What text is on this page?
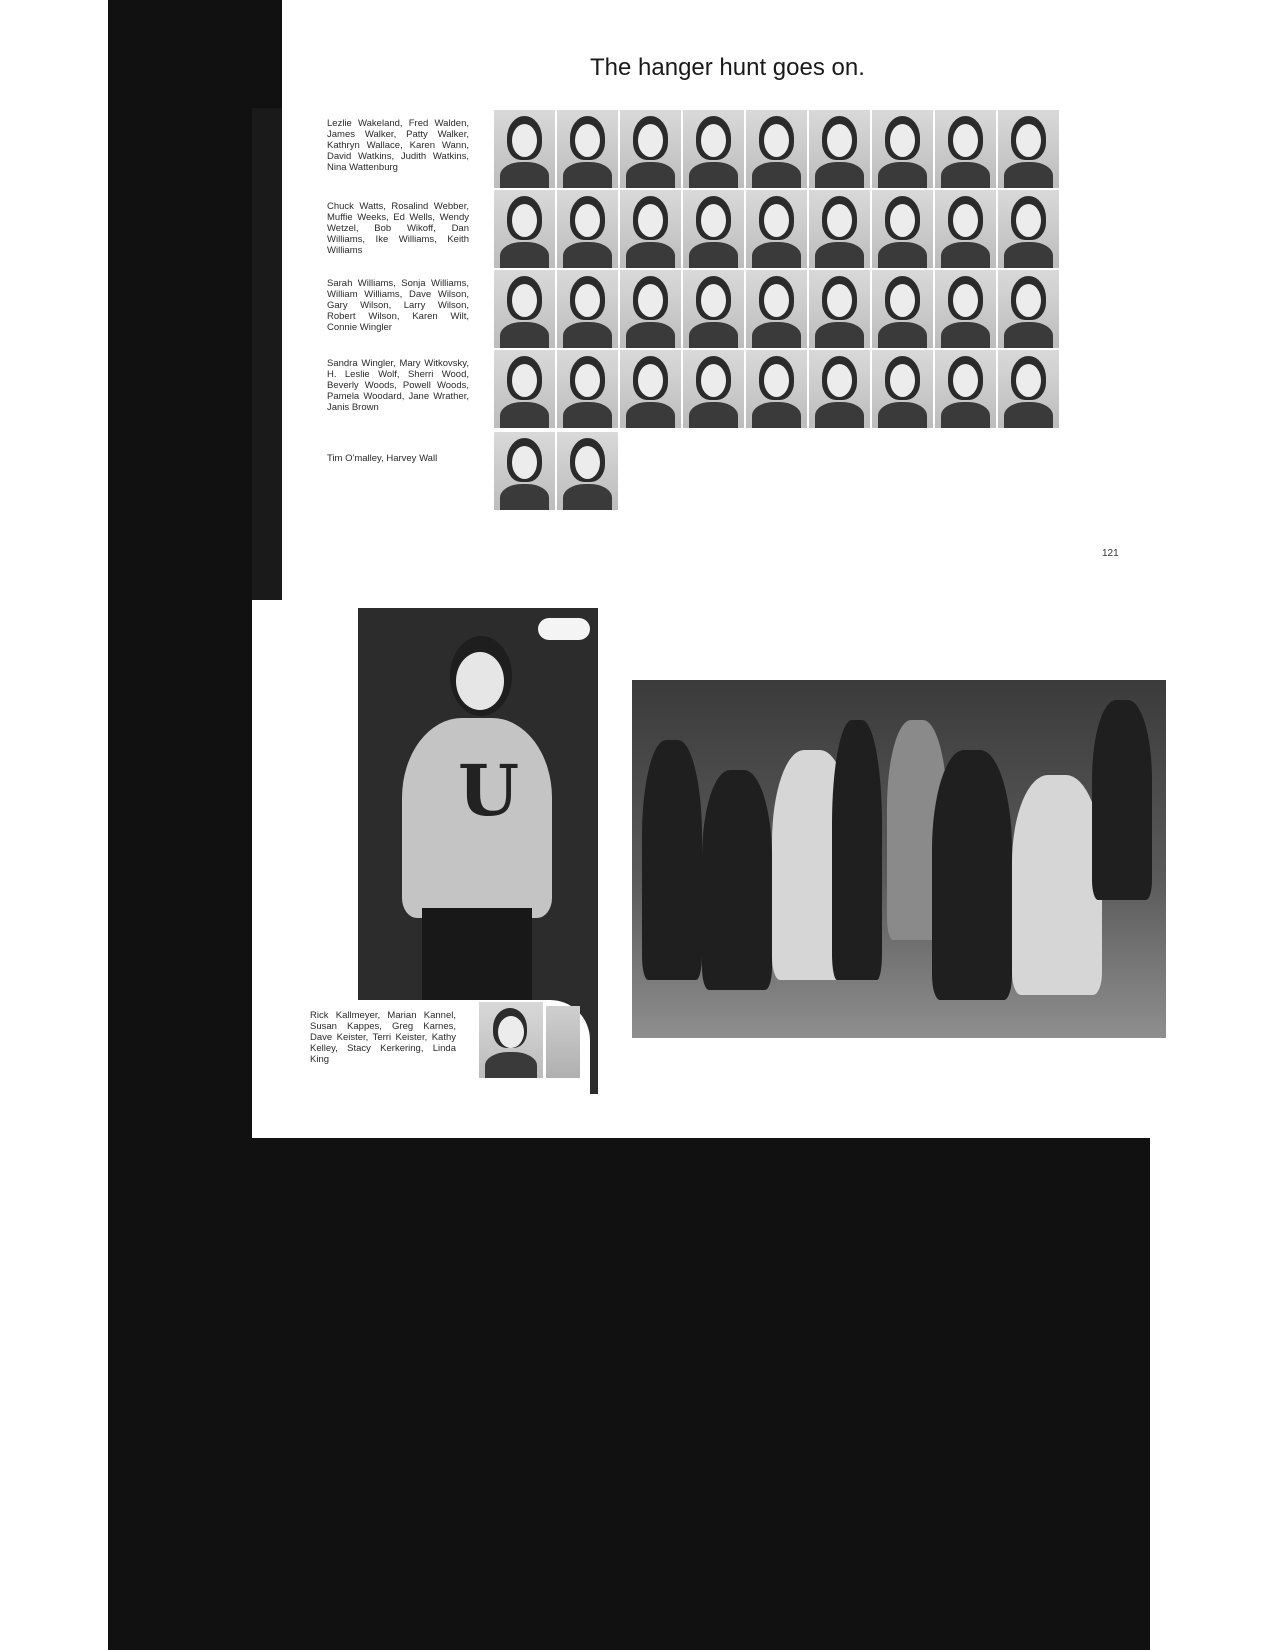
The hanger hunt goes on.

Lezlie Wakeland, Fred Walden, James Walker, Patty Walker, Kathryn Wallace, Karen Wann, David Watkins, Judith Watkins, Nina Wattenburg

Chuck Watts, Rosalind Webber, Muffie Weeks, Ed Wells, Wendy Wetzel, Bob Wikoff, Dan Williams, Ike Williams, Keith Williams

Sarah Williams, Sonja Williams, William Williams, Dave Wilson, Gary Wilson, Larry Wilson, Robert Wilson, Karen Wilt, Connie Wingler

Sandra Wingler, Mary Witkovsky, H. Leslie Wolf, Sherri Wood, Beverly Woods, Powell Woods, Pamela Woodard, Jane Wrather, Janis Brown

Tim O'malley, Harvey Wall

121

U

Rick Kallmeyer, Marian Kannel, Susan Kappes, Greg Karnes, Dave Keister, Terri Keister, Kathy Kelley, Stacy Kerkering, Linda King
